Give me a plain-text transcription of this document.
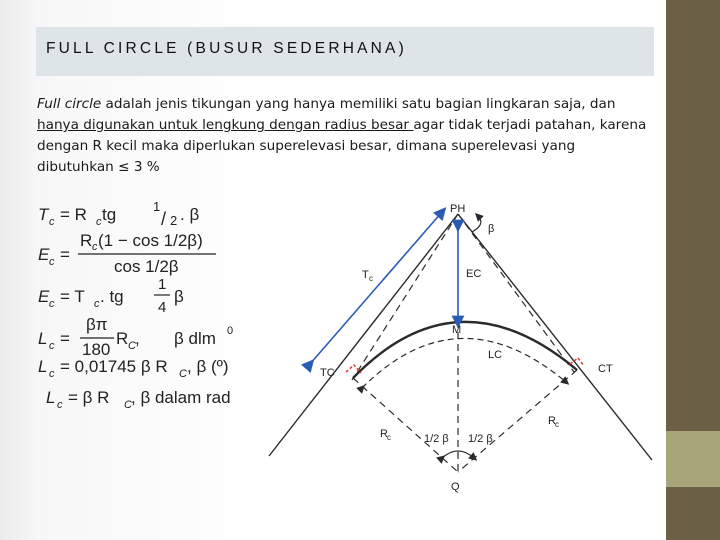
FULL CIRCLE (BUSUR SEDERHANA)
Full circle adalah jenis tikungan yang hanya memiliki satu bagian lingkaran saja, dan hanya digunakan untuk lengkung dengan radius besar agar tidak terjadi patahan, karena dengan R kecil maka diperlukan superelevasi besar, dimana superelevasi yang dibutuhkan ≤ 3 %
T c = R c tg	1
/ 2 . β
E c =
R c (1 − cos 1/2β)
cos 1/2β
E c = T c . tg
1
4
β
L c =
βπ
180
R C , β dlm 0
L c = 0,01745 β R C , β (º)
L c = β R C , β dalam rad
PH
β
T c	EC
M
LC
TC	CT
R c
R c
1/2 β 1/2 β
Q
